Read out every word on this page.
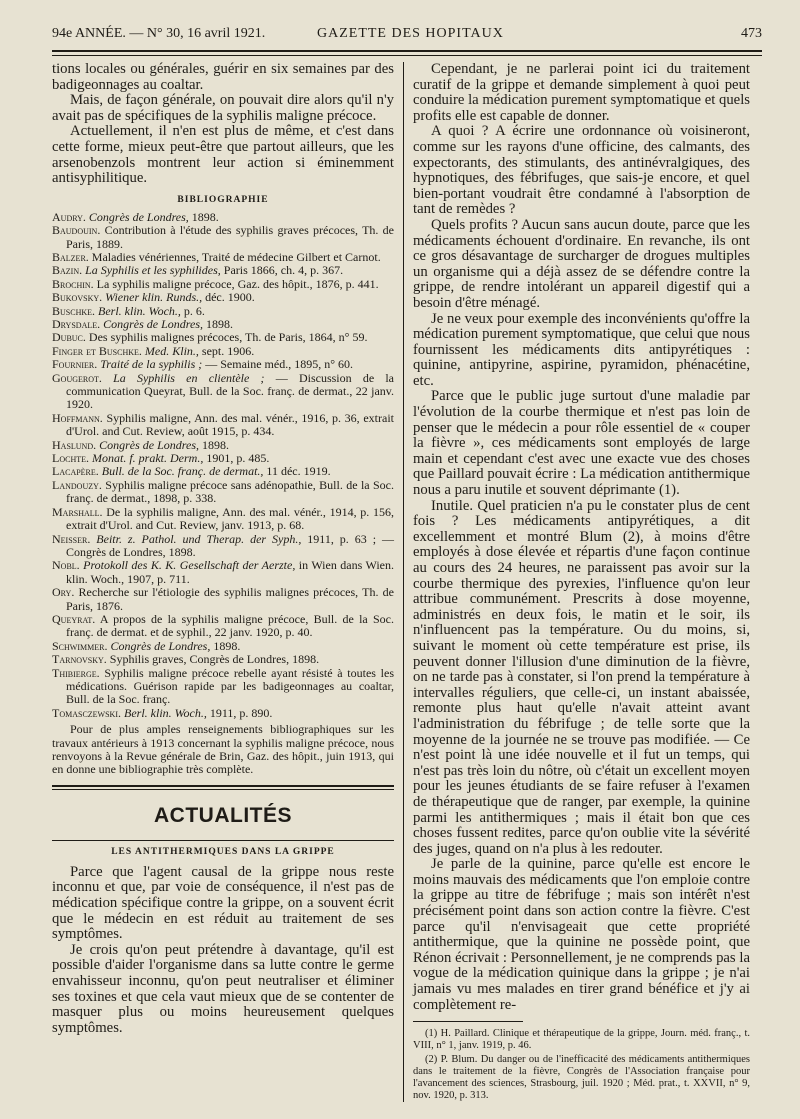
94e ANNÉE. — N° 30, 16 avril 1921.	GAZETTE DES HOPITAUX	473

tions locales ou générales, guérir en six semaines par des badigeonnages au coaltar.

Mais, de façon générale, on pouvait dire alors qu'il n'y avait pas de spécifiques de la syphilis maligne précoce.

Actuellement, il n'en est plus de même, et c'est dans cette forme, mieux peut-être que partout ailleurs, que les arsenobenzols montrent leur action si éminemment antisyphilitique.

BIBLIOGRAPHIE

Audry. Congrès de Londres, 1898.

Baudouin. Contribution à l'étude des syphilis graves précoces, Th. de Paris, 1889.

Balzer. Maladies vénériennes, Traité de médecine Gilbert et Carnot.

Bazin. La Syphilis et les syphilides, Paris 1866, ch. 4, p. 367.

Brochin. La syphilis maligne précoce, Gaz. des hôpit., 1876, p. 441.

Bukovsky. Wiener klin. Runds., déc. 1900.

Buschke. Berl. klin. Woch., p. 6.

Drysdale. Congrès de Londres, 1898.

Dubuc. Des syphilis malignes précoces, Th. de Paris, 1864, n° 59.

Finger et Buschke. Med. Klin., sept. 1906.

Fournier. Traité de la syphilis ; — Semaine méd., 1895, n° 60.

Gougerot. La Syphilis en clientèle ; — Discussion de la communication Queyrat, Bull. de la Soc. franç. de dermat., 22 janv. 1920.

Hoffmann. Syphilis maligne, Ann. des mal. vénér., 1916, p. 36, extrait d'Urol. and Cut. Review, août 1915, p. 434.

Haslund. Congrès de Londres, 1898.

Lochte. Monat. f. prakt. Derm., 1901, p. 485.

Lacapère. Bull. de la Soc. franç. de dermat., 11 déc. 1919.

Landouzy. Syphilis maligne précoce sans adénopathie, Bull. de la Soc. franç. de dermat., 1898, p. 338.

Marshall. De la syphilis maligne, Ann. des mal. vénér., 1914, p. 156, extrait d'Urol. and Cut. Review, janv. 1913, p. 68.

Neisser. Beitr. z. Pathol. und Therap. der Syph., 1911, p. 63 ; — Congrès de Londres, 1898.

Nobl. Protokoll des K. K. Gesellschaft der Aerzte, in Wien dans Wien. klin. Woch., 1907, p. 711.

Ory. Recherche sur l'étiologie des syphilis malignes précoces, Th. de Paris, 1876.

Queyrat. A propos de la syphilis maligne précoce, Bull. de la Soc. franç. de dermat. et de syphil., 22 janv. 1920, p. 40.

Schwimmer. Congrès de Londres, 1898.

Tarnovsky. Syphilis graves, Congrès de Londres, 1898.

Thibierge. Syphilis maligne précoce rebelle ayant résisté à toutes les médications. Guérison rapide par les badigeonnages au coaltar, Bull. de la Soc. franç.

Tomasczewski. Berl. klin. Woch., 1911, p. 890.

Pour de plus amples renseignements bibliographiques sur les travaux antérieurs à 1913 concernant la syphilis maligne précoce, nous renvoyons à la Revue générale de Brin, Gaz. des hôpit., juin 1913, qui en donne une bibliographie très complète.

ACTUALITÉS
LES ANTITHERMIQUES DANS LA GRIPPE

Parce que l'agent causal de la grippe nous reste inconnu et que, par voie de conséquence, il n'est pas de médication spécifique contre la grippe, on a souvent écrit que le médecin en est réduit au traitement de ses symptômes.

Je crois qu'on peut prétendre à davantage, qu'il est possible d'aider l'organisme dans sa lutte contre le germe envahisseur inconnu, qu'on peut neutraliser et éliminer ses toxines et que cela vaut mieux que de se contenter de masquer plus ou moins heureusement quelques symptômes.

Cependant, je ne parlerai point ici du traitement curatif de la grippe et demande simplement à quoi peut conduire la médication purement symptomatique et quels profits elle est capable de donner.

A quoi ? A écrire une ordonnance où voisineront, comme sur les rayons d'une officine, des calmants, des expectorants, des stimulants, des antinévralgiques, des hypnotiques, des fébrifuges, que sais-je encore, et quel bien-portant voudrait être condamné à l'absorption de tant de remèdes ?

Quels profits ? Aucun sans aucun doute, parce que les médicaments échouent d'ordinaire. En revanche, ils ont ce gros désavantage de surcharger de drogues multiples un organisme qui a déjà assez de se défendre contre la grippe, de rendre intolérant un appareil digestif qui a besoin d'être ménagé.

Je ne veux pour exemple des inconvénients qu'offre la médication purement symptomatique, que celui que nous fournissent les médicaments dits antipyrétiques : quinine, antipyrine, aspirine, pyramidon, phénacétine, etc.

Parce que le public juge surtout d'une maladie par l'évolution de la courbe thermique et n'est pas loin de penser que le médecin a pour rôle essentiel de « couper la fièvre », ces médicaments sont employés de large main et cependant c'est avec une exacte vue des choses que Paillard pouvait écrire : La médication antithermique nous a paru inutile et souvent déprimante (1).

Inutile. Quel praticien n'a pu le constater plus de cent fois ? Les médicaments antipyrétiques, a dit excellemment et montré Blum (2), à moins d'être employés à dose élevée et répartis d'une façon continue au cours des 24 heures, ne paraissent pas avoir sur la courbe thermique des pyrexies, l'influence qu'on leur attribue communément. Prescrits à dose moyenne, administrés en deux fois, le matin et le soir, ils n'influencent pas la température. Ou du moins, si, suivant le moment où cette température est prise, ils peuvent donner l'illusion d'une diminution de la fièvre, on ne tarde pas à constater, si l'on prend la température à intervalles réguliers, que celle-ci, un instant abaissée, remonte plus haut qu'elle n'avait atteint avant l'administration du fébrifuge ; de telle sorte que la moyenne de la journée ne se trouve pas modifiée. — Ce n'est point là une idée nouvelle et il fut un temps, qui n'est pas très loin du nôtre, où c'était un excellent moyen pour les jeunes étudiants de se faire refuser à l'examen de thérapeutique que de ranger, par exemple, la quinine parmi les antithermiques ; mais il était bon que ces choses fussent redites, parce qu'on oublie vite la sévérité des juges, quand on n'a plus à les redouter.

Je parle de la quinine, parce qu'elle est encore le moins mauvais des médicaments que l'on emploie contre la grippe au titre de fébrifuge ; mais son intérêt n'est précisément point dans son action contre la fièvre. C'est parce qu'il n'envisageait que cette propriété antithermique, que la quinine ne possède point, que Rénon écrivait : Personnellement, je ne comprends pas la vogue de la médication quinique dans la grippe ; je n'ai jamais vu mes malades en tirer grand bénéfice et j'y ai complètement re-

(1) H. Paillard. Clinique et thérapeutique de la grippe, Journ. méd. franç., t. VIII, n° 1, janv. 1919, p. 46.

(2) P. Blum. Du danger ou de l'inefficacité des médicaments antithermiques dans le traitement de la fièvre, Congrès de l'Association française pour l'avancement des sciences, Strasbourg, juil. 1920 ; Méd. prat., t. XXVII, n° 9, nov. 1920, p. 313.
